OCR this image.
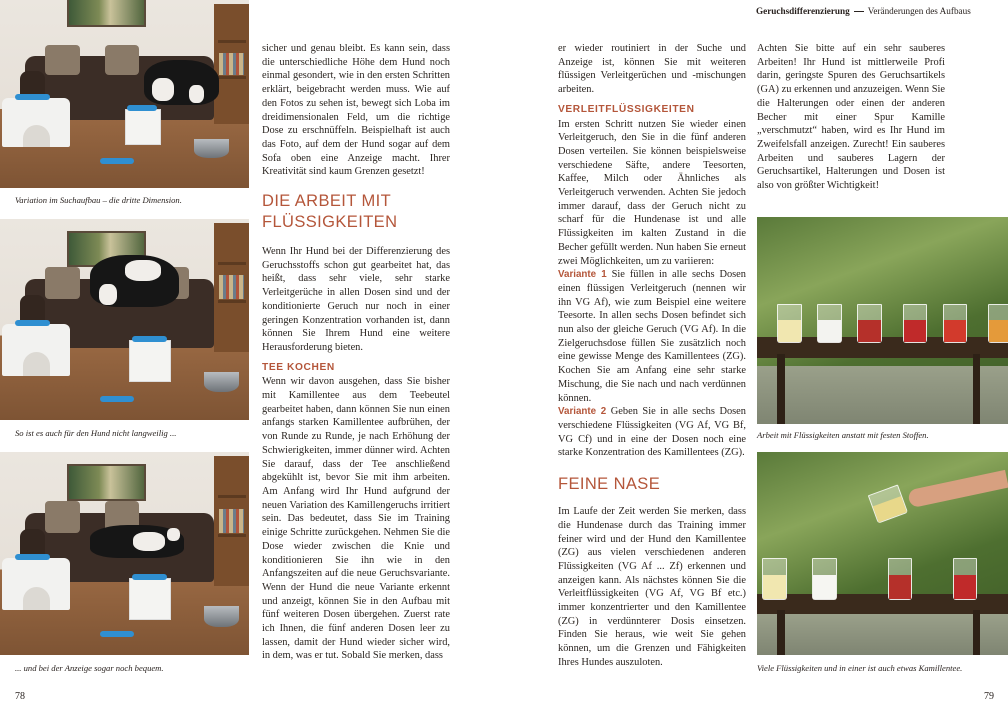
Geruchsdifferenzierung Veränderungen des Aufbaus
Variation im Suchaufbau – die dritte Dimension.
So ist es auch für den Hund nicht langweilig ...
... und bei der Anzeige sogar noch bequem.
78

sicher und genau bleibt. Es kann sein, dass die unterschiedliche Höhe dem Hund noch einmal gesondert, wie in den ersten Schritten erklärt, beigebracht werden muss. Wie auf den Fotos zu sehen ist, bewegt sich Loba im dreidimensionalen Feld, um die richtige Dose zu erschnüffeln. Beispielhaft ist auch das Foto, auf dem der Hund sogar auf dem Sofa oben eine Anzeige macht. Ihrer Kreativität sind kaum Grenzen gesetzt!

DIE ARBEIT MIT FLÜSSIGKEITEN

Wenn Ihr Hund bei der Differenzierung des Geruchsstoffs schon gut gearbeitet hat, das heißt, dass sehr viele, sehr starke Verleitgerüche in allen Dosen sind und der konditionierte Geruch nur noch in einer geringen Konzentration vorhanden ist, dann können Sie Ihrem Hund eine weitere Herausforderung bieten.

TEE KOCHEN

Wenn wir davon ausgehen, dass Sie bisher mit Kamillentee aus dem Teebeutel gearbeitet haben, dann können Sie nun einen anfangs starken Kamillentee aufbrühen, der von Runde zu Runde, je nach Erhöhung der Schwierigkeiten, immer dünner wird. Achten Sie darauf, dass der Tee anschließend abgekühlt ist, bevor Sie mit ihm arbeiten. Am Anfang wird Ihr Hund aufgrund der neuen Variation des Kamillengeruchs irritiert sein. Das bedeutet, dass Sie im Training einige Schritte zurückgehen. Nehmen Sie die Dose wieder zwischen die Knie und konditionieren Sie ihn wie in den Anfangszeiten auf die neue Geruchsvariante. Wenn der Hund die neue Variante erkennt und anzeigt, können Sie in den Aufbau mit fünf weiteren Dosen übergehen. Zuerst rate ich Ihnen, die fünf anderen Dosen leer zu lassen, damit der Hund wieder sicher wird, in dem, was er tut. Sobald Sie merken, dass

er wieder routiniert in der Suche und Anzeige ist, können Sie mit weiteren flüssigen Verleitgerüchen und -mischungen arbeiten.

VERLEITFLÜSSIGKEITEN

Im ersten Schritt nutzen Sie wieder einen Verleitgeruch, den Sie in die fünf anderen Dosen verteilen. Sie können beispielsweise verschiedene Säfte, andere Teesorten, Kaffee, Milch oder Ähnliches als Verleitgeruch verwenden. Achten Sie jedoch immer darauf, dass der Geruch nicht zu scharf für die Hundenase ist und alle Flüssigkeiten im kalten Zustand in die Becher gefüllt werden. Nun haben Sie erneut zwei Möglichkeiten, um zu variieren:

Variante 1 Sie füllen in alle sechs Dosen einen flüssigen Verleitgeruch (nennen wir ihn VG Af), wie zum Beispiel eine weitere Teesorte. In allen sechs Dosen befindet sich nun also der gleiche Geruch (VG Af). In die Zielgeruchsdose füllen Sie zusätzlich noch eine gewisse Menge des Kamillentees (ZG). Kochen Sie am Anfang eine sehr starke Mischung, die Sie nach und nach verdünnen können.

Variante 2 Geben Sie in alle sechs Dosen verschiedene Flüssigkeiten (VG Af, VG Bf, VG Cf) und in eine der Dosen noch eine starke Konzentration des Kamillentees (ZG).

FEINE NASE

Im Laufe der Zeit werden Sie merken, dass die Hundenase durch das Training immer feiner wird und der Hund den Kamillentee (ZG) aus vielen verschiedenen anderen Flüssigkeiten (VG Af ... Zf) erkennen und anzeigen kann. Als nächstes können Sie die Verleitflüssigkeiten (VG Af, VG Bf etc.) immer konzentrierter und den Kamillentee (ZG) in verdünnterer Dosis einsetzen. Finden Sie heraus, wie weit Sie gehen können, um die Grenzen und Fähigkeiten Ihres Hundes auszuloten.

Achten Sie bitte auf ein sehr sauberes Arbeiten! Ihr Hund ist mittlerweile Profi darin, geringste Spuren des Geruchsartikels (GA) zu erkennen und anzuzeigen. Wenn Sie die Halterungen oder einen der anderen Becher mit einer Spur Kamille „verschmutzt“ haben, wird es Ihr Hund im Zweifelsfall anzeigen. Zurecht! Ein sauberes Arbeiten und sauberes Lagern der Geruchsartikel, Halterungen und Dosen ist also von größter Wichtigkeit!

Arbeit mit Flüssigkeiten anstatt mit festen Stoffen.
Viele Flüssigkeiten und in einer ist auch etwas Kamillentee.
79
